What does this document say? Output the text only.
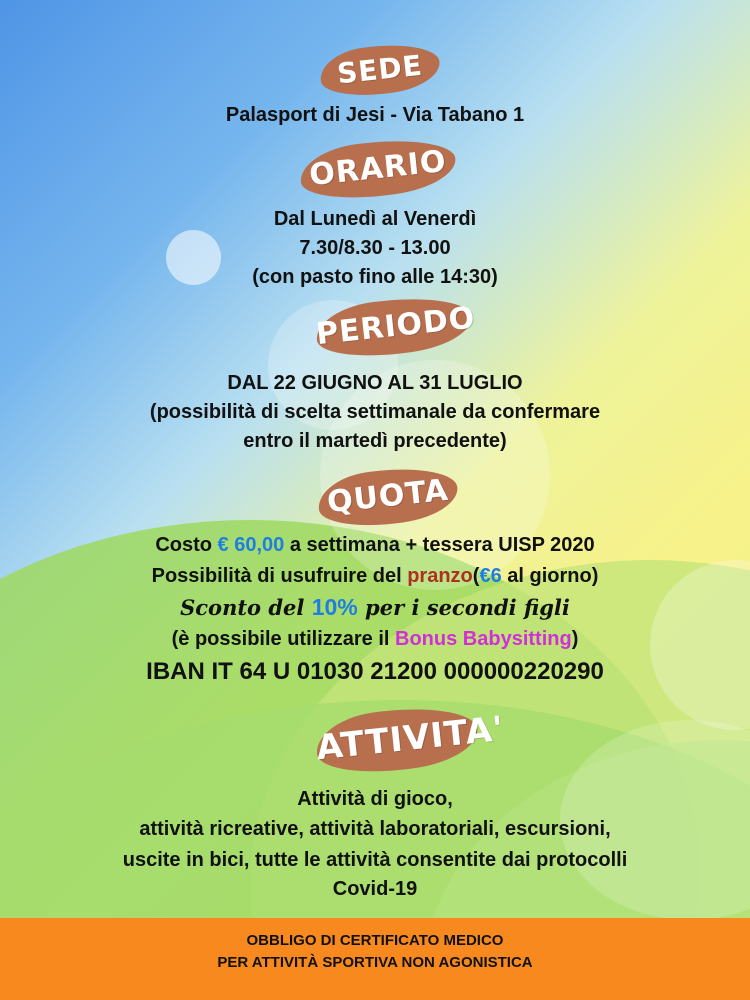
SEDE
Palasport di Jesi - Via Tabano 1
ORARIO
Dal Lunedì al Venerdì
7.30/8.30 - 13.00
(con pasto fino alle 14:30)
PERIODO
DAL 22 GIUGNO AL 31 LUGLIO
(possibilità di scelta settimanale da confermare
entro il martedì precedente)
QUOTA
Costo € 60,00 a settimana + tessera UISP 2020
Possibilità di usufruire del pranzo(€6 al giorno)
Sconto del 10% per i secondi figli
(è possibile utilizzare il Bonus Babysitting)
IBAN IT 64 U 01030 21200 000000220290
ATTIVITA'
Attività di gioco,
attività ricreative, attività laboratoriali, escursioni,
uscite in bici, tutte le attività consentite dai protocolli
Covid-19
OBBLIGO DI CERTIFICATO MEDICO
PER ATTIVITÀ SPORTIVA NON AGONISTICA
